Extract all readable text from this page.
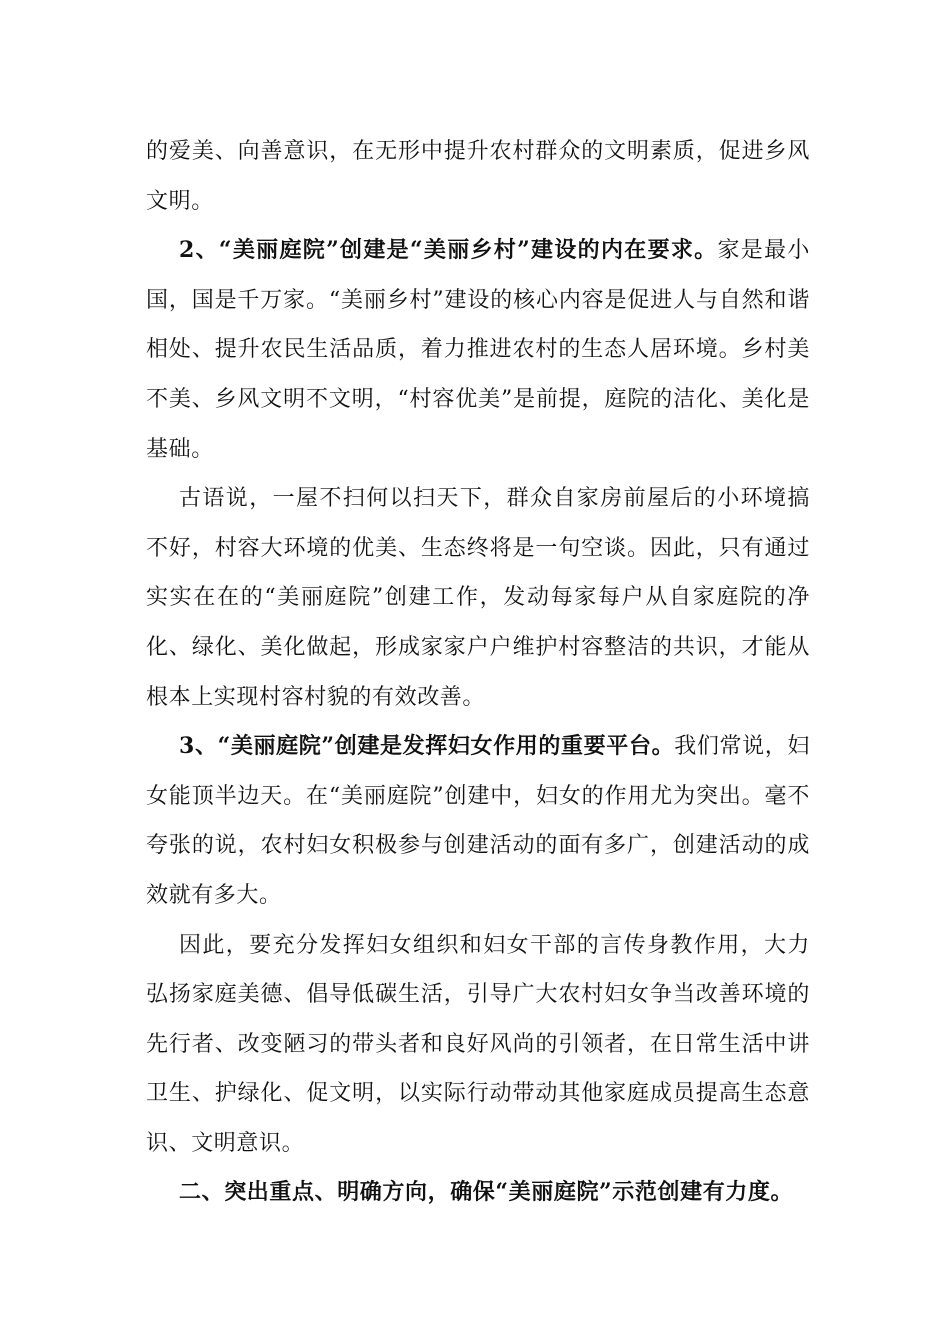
的爱美、向善意识，在无形中提升农村群众的文明素质，促进乡风文明。

2、“美丽庭院”创建是“美丽乡村”建设的内在要求。家是最小国，国是千万家。“美丽乡村”建设的核心内容是促进人与自然和谐相处、提升农民生活品质，着力推进农村的生态人居环境。乡村美不美、乡风文明不文明，“村容优美”是前提，庭院的洁化、美化是基础。

古语说，一屋不扫何以扫天下，群众自家房前屋后的小环境搞不好，村容大环境的优美、生态终将是一句空谈。因此，只有通过实实在在的“美丽庭院”创建工作，发动每家每户从自家庭院的净化、绿化、美化做起，形成家家户户维护村容整洁的共识，才能从根本上实现村容村貌的有效改善。

3、“美丽庭院”创建是发挥妇女作用的重要平台。我们常说，妇女能顶半边天。在“美丽庭院”创建中，妇女的作用尤为突出。毫不夸张的说，农村妇女积极参与创建活动的面有多广，创建活动的成效就有多大。

因此，要充分发挥妇女组织和妇女干部的言传身教作用，大力弘扬家庭美德、倡导低碳生活，引导广大农村妇女争当改善环境的先行者、改变陋习的带头者和良好风尚的引领者，在日常生活中讲卫生、护绿化、促文明，以实际行动带动其他家庭成员提高生态意识、文明意识。

二、突出重点、明确方向，确保“美丽庭院”示范创建有力度。
